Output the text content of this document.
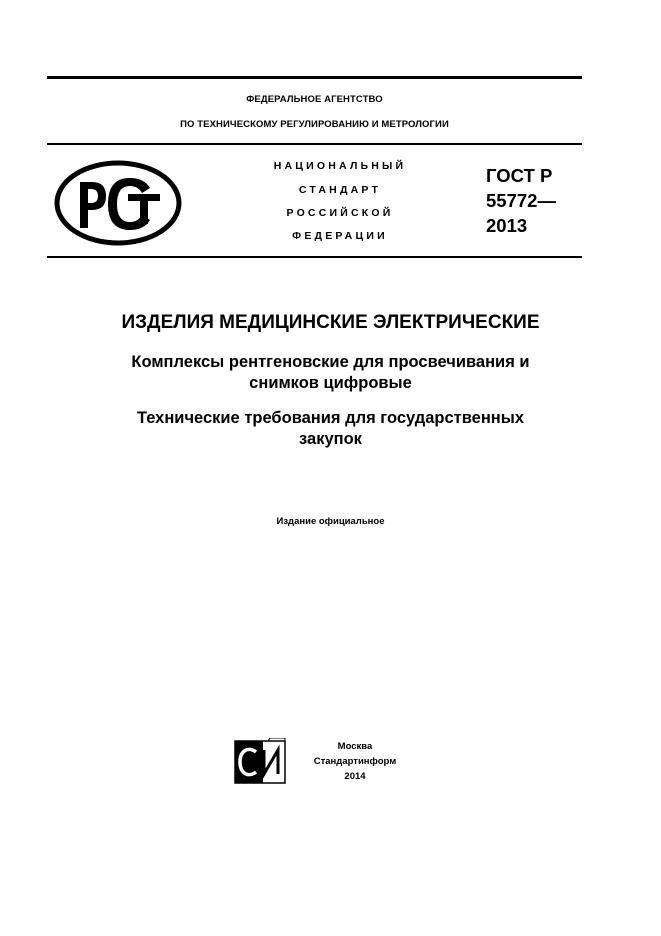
ФЕДЕРАЛЬНОЕ АГЕНТСТВО
ПО ТЕХНИЧЕСКОМУ РЕГУЛИРОВАНИЮ И МЕТРОЛОГИИ
НАЦИОНАЛЬНЫЙ
СТАНДАРТ
РОССИЙСКОЙ
ФЕДЕРАЦИИ
ГОСТ Р
55772—
2013
ИЗДЕЛИЯ МЕДИЦИНСКИЕ ЭЛЕКТРИЧЕСКИЕ
Комплексы рентгеновские для просвечивания и
снимков цифровые
Технические требования для государственных
закупок
Издание официальное
Москва
Стандартинформ
2014
